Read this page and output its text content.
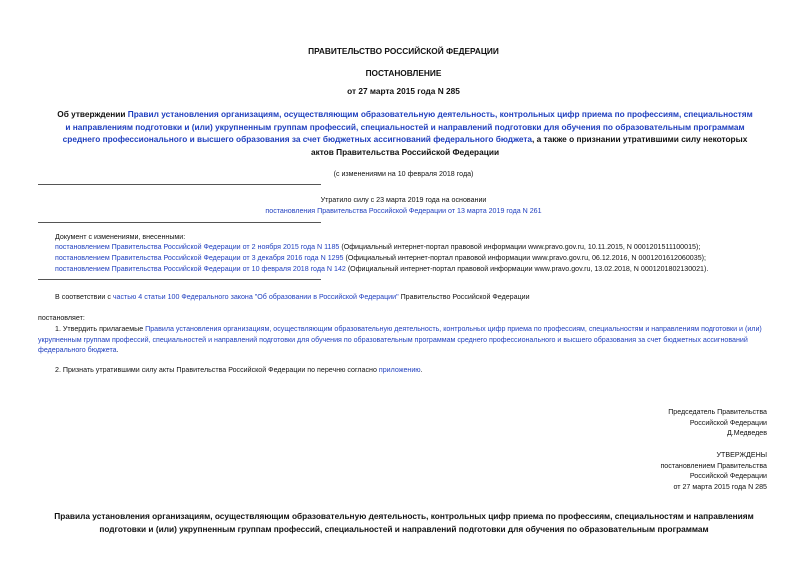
ПРАВИТЕЛЬСТВО РОССИЙСКОЙ ФЕДЕРАЦИИ
ПОСТАНОВЛЕНИЕ
от 27 марта 2015 года N 285
Об утверждении Правил установления организациям, осуществляющим образовательную деятельность, контрольных цифр приема по профессиям, специальностям и направлениям подготовки и (или) укрупненным группам профессий, специальностей и направлений подготовки для обучения по образовательным программам среднего профессионального и высшего образования за счет бюджетных ассигнований федерального бюджета, а также о признании утратившими силу некоторых актов Правительства Российской Федерации
(с изменениями на 10 февраля 2018 года)
Утратило силу с 23 марта 2019 года на основании
постановления Правительства Российской Федерации от 13 марта 2019 года N 261
Документ с изменениями, внесенными:
постановлением Правительства Российской Федерации от 2 ноября 2015 года N 1185 (Официальный интернет-портал правовой информации www.pravo.gov.ru, 10.11.2015, N 0001201511100015);
постановлением Правительства Российской Федерации от 3 декабря 2016 года N 1295 (Официальный интернет-портал правовой информации www.pravo.gov.ru, 06.12.2016, N 0001201612060035);
постановлением Правительства Российской Федерации от 10 февраля 2018 года N 142 (Официальный интернет-портал правовой информации www.pravo.gov.ru, 13.02.2018, N 0001201802130021).
В соответствии с частью 4 статьи 100 Федерального закона "Об образовании в Российской Федерации" Правительство Российской Федерации
постановляет:
1. Утвердить прилагаемые Правила установления организациям, осуществляющим образовательную деятельность, контрольных цифр приема по профессиям, специальностям и направлениям подготовки и (или) укрупненным группам профессий, специальностей и направлений подготовки для обучения по образовательным программам среднего профессионального и высшего образования за счет бюджетных ассигнований федерального бюджета.
2. Признать утратившими силу акты Правительства Российской Федерации по перечню согласно приложению.
Председатель Правительства
Российской Федерации
Д.Медведев
УТВЕРЖДЕНЫ
постановлением Правительства
Российской Федерации
от 27 марта 2015 года N 285
Правила установления организациям, осуществляющим образовательную деятельность, контрольных цифр приема по профессиям, специальностям и направлениям подготовки и (или) укрупненным группам профессий, специальностей и направлений подготовки для обучения по образовательным программам
